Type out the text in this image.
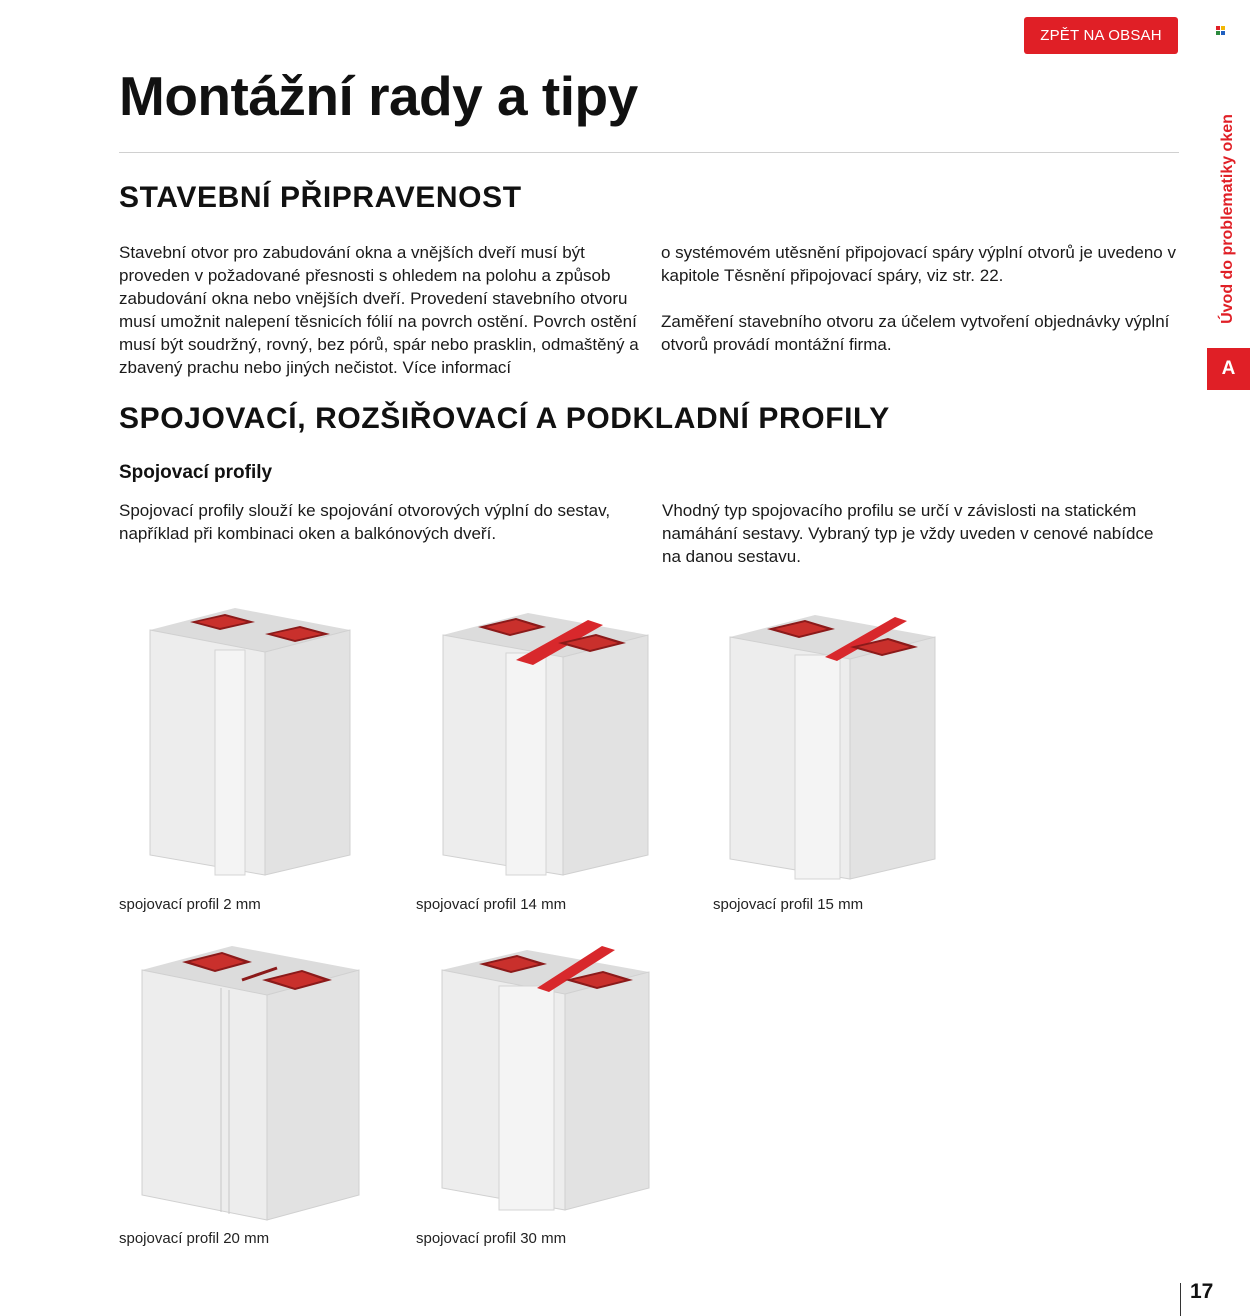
ZPĚT NA OBSAH
Montážní rady a tipy
Úvod do problematiky oken
A
STAVEBNÍ PŘIPRAVENOST

Stavební otvor pro zabudování okna a vnějších dveří musí být proveden v požadované přesnosti s ohledem na polohu a způsob zabudování okna nebo vnějších dveří. Provedení stavebního otvoru musí umožnit nalepení těsnicích fólií na povrch ostění. Povrch ostění musí být soudržný, rovný, bez pórů, spár nebo prasklin, odmaštěný a zbavený prachu nebo jiných nečistot. Více informací

o systémovém utěsnění připojovací spáry výplní otvorů je uvedeno v kapitole Těsnění připojovací spáry, viz str. 22.

Zaměření stavebního otvoru za účelem vytvoření objednávky výplní otvorů provádí montážní firma.

SPOJOVACÍ, ROZŠIŘOVACÍ A PODKLADNÍ PROFILY
Spojovací profily

Spojovací profily slouží ke spojování otvorových výplní do sestav, například při kombinaci oken a balkónových dveří.

Vhodný typ spojovacího profilu se určí v závislosti na statickém namáhání sestavy. Vybraný typ je vždy uveden v cenové nabídce na danou sestavu.

spojovací profil 2 mm	spojovací profil 14 mm	spojovací profil 15 mm
spojovací profil 20 mm	spojovací profil 30 mm
17
